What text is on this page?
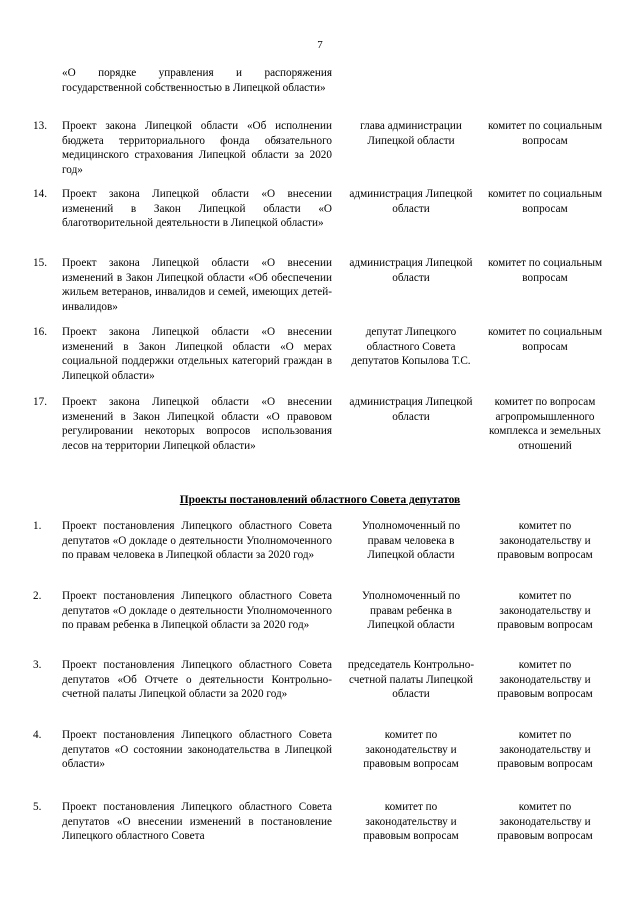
7
«О порядке управления и распоряжения государственной собственностью в Липецкой области»
13. Проект закона Липецкой области «Об исполнении бюджета территориального фонда обязательного медицинского страхования Липецкой области за 2020 год»
глава администрации Липецкой области
комитет по социальным вопросам
14. Проект закона Липецкой области «О внесении изменений в Закон Липецкой области «О благотворительной деятельности в Липецкой области»
администрация Липецкой области
комитет по социальным вопросам
15. Проект закона Липецкой области «О внесении изменений в Закон Липецкой области «Об обеспечении жильем ветеранов, инвалидов и семей, имеющих детей-инвалидов»
администрация Липецкой области
комитет по социальным вопросам
16. Проект закона Липецкой области «О внесении изменений в Закон Липецкой области «О мерах социальной поддержки отдельных категорий граждан в Липецкой области»
депутат Липецкого областного Совета депутатов Копылова Т.С.
комитет по социальным вопросам
17. Проект закона Липецкой области «О внесении изменений в Закон Липецкой области «О правовом регулировании некоторых вопросов использования лесов на территории Липецкой области»
администрация Липецкой области
комитет по вопросам агропромышленного комплекса и земельных отношений
Проекты постановлений областного Совета депутатов
1. Проект постановления Липецкого областного Совета депутатов «О докладе о деятельности Уполномоченного по правам человека в Липецкой области за 2020 год»
Уполномоченный по правам человека в Липецкой области
комитет по законодательству и правовым вопросам
2. Проект постановления Липецкого областного Совета депутатов «О докладе о деятельности Уполномоченного по правам ребенка в Липецкой области за 2020 год»
Уполномоченный по правам ребенка в Липецкой области
комитет по законодательству и правовым вопросам
3. Проект постановления Липецкого областного Совета депутатов «Об Отчете о деятельности Контрольно-счетной палаты Липецкой области за 2020 год»
председатель Контрольно-счетной палаты Липецкой области
комитет по законодательству и правовым вопросам
4. Проект постановления Липецкого областного Совета депутатов «О состоянии законодательства в Липецкой области»
комитет по законодательству и правовым вопросам
комитет по законодательству и правовым вопросам
5. Проект постановления Липецкого областного Совета депутатов «О внесении изменений в постановление Липецкого областного Совета
комитет по законодательству и правовым вопросам
комитет по законодательству и правовым вопросам
